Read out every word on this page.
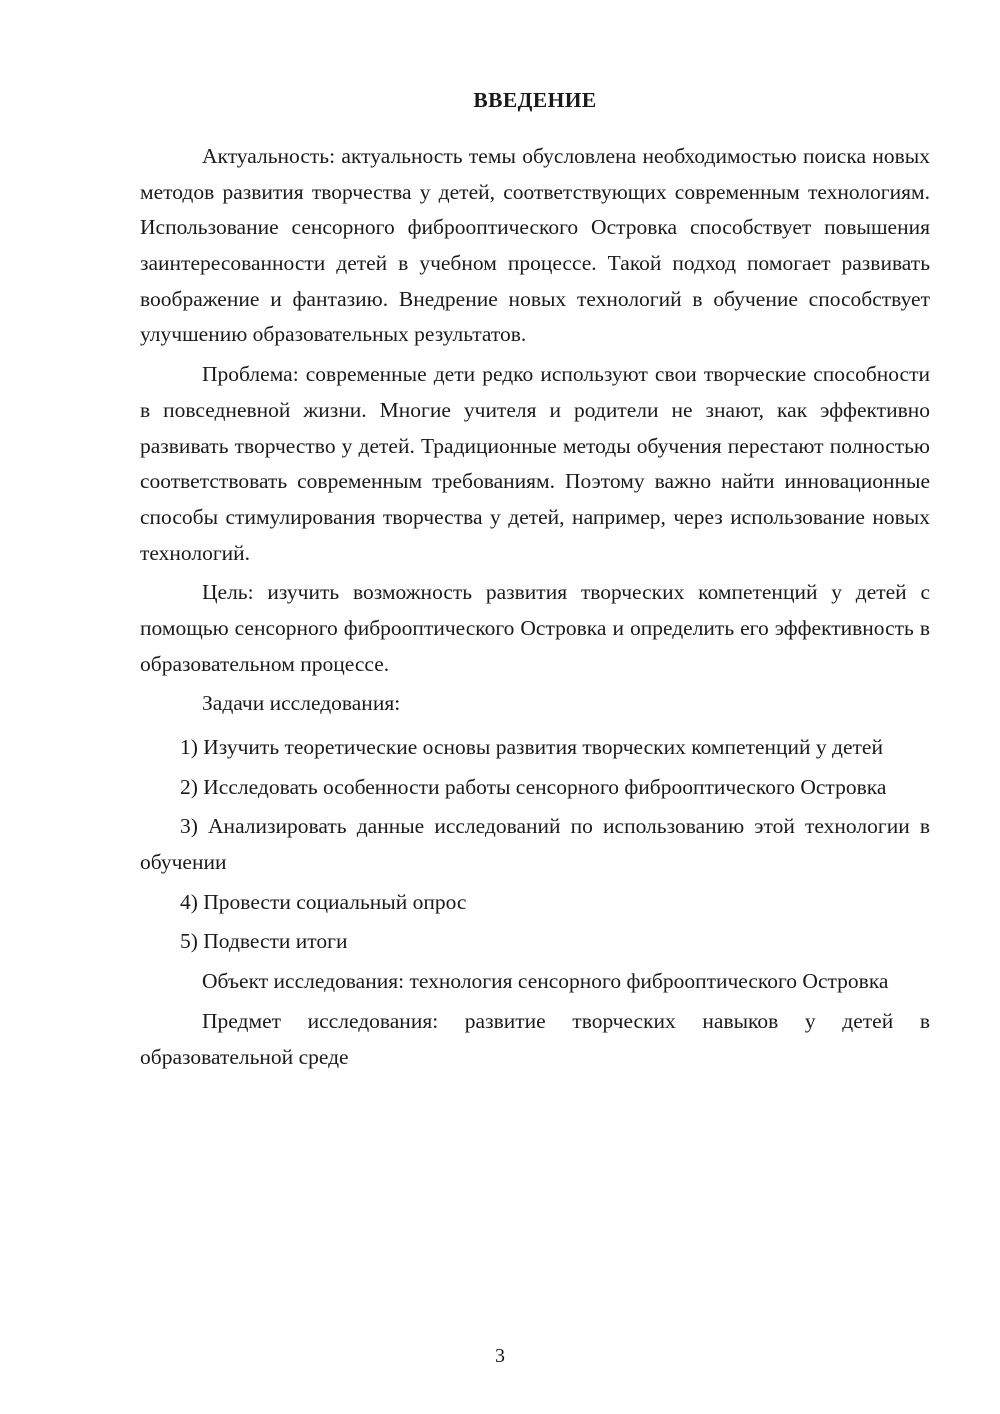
ВВЕДЕНИЕ

Актуальность: актуальность темы обусловлена необходимостью поиска новых методов развития творчества у детей, соответствующих современным технологиям. Использование сенсорного фиброоптического Островка способствует повышения заинтересованности детей в учебном процессе. Такой подход помогает развивать воображение и фантазию. Внедрение новых технологий в обучение способствует улучшению образовательных результатов.

Проблема: современные дети редко используют свои творческие способности в повседневной жизни. Многие учителя и родители не знают, как эффективно развивать творчество у детей. Традиционные методы обучения перестают полностью соответствовать современным требованиям. Поэтому важно найти инновационные способы стимулирования творчества у детей, например, через использование новых технологий.

Цель: изучить возможность развития творческих компетенций у детей с помощью сенсорного фиброоптического Островка и определить его эффективность в образовательном процессе.

Задачи исследования:

1) Изучить теоретические основы развития творческих компетенций у детей

2) Исследовать особенности работы сенсорного фиброоптического Островка

3) Анализировать данные исследований по использованию этой технологии в обучении

4) Провести социальный опрос

5) Подвести итоги

Объект исследования: технология сенсорного фиброоптического Островка

Предмет исследования: развитие творческих навыков у детей в образовательной среде

3
